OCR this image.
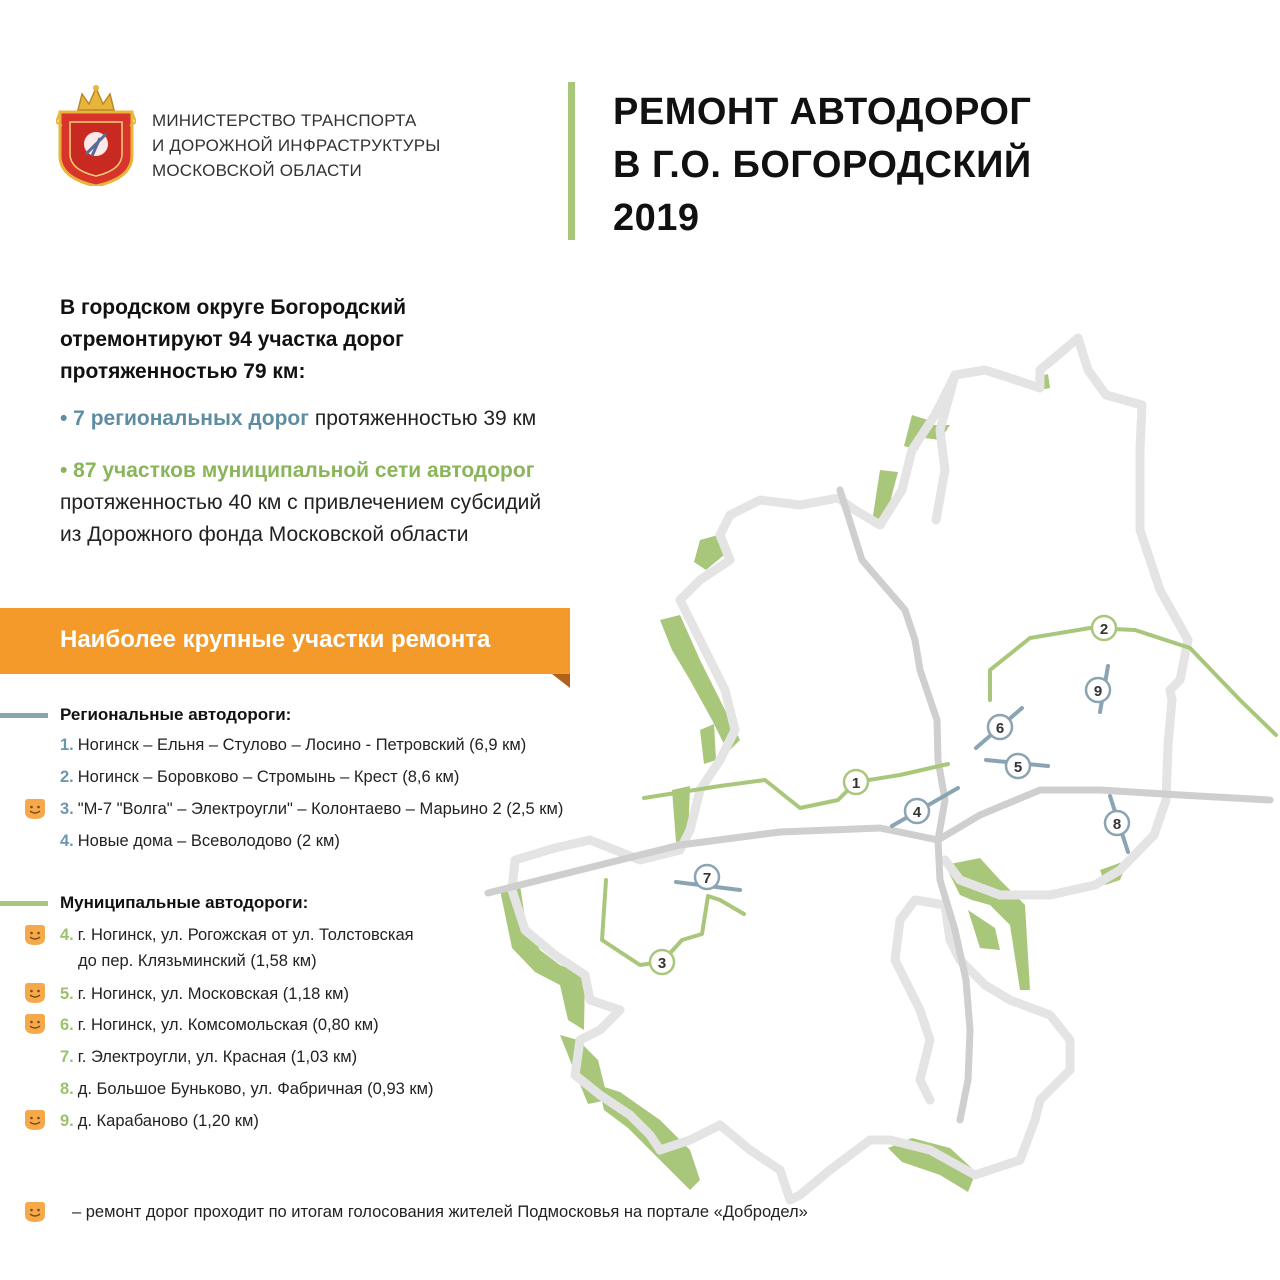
МИНИСТЕРСТВО ТРАНСПОРТА
И ДОРОЖНОЙ ИНФРАСТРУКТУРЫ
МОСКОВСКОЙ ОБЛАСТИ
РЕМОНТ АВТОДОРОГ
В Г.О. БОГОРОДСКИЙ
2019
В городском округе Богородский
отремонтируют 94 участка дорог
протяженностью 79 км:
• 7 региональных дорог протяженностью 39 км
• 87 участков муниципальной сети автодорог
протяженностью 40 км с привлечением субсидий
из Дорожного фонда Московской области
Наиболее крупные участки ремонта
Региональные автодороги:
1. Ногинск – Ельня – Стулово – Лосино - Петровский (6,9 км)
2. Ногинск – Боровково – Стромынь – Крест (8,6 км)
3. "М-7 "Волга" – Электроугли" – Колонтаево – Марьино 2 (2,5 км)
4. Новые дома – Всеволодово (2 км)
Муниципальные автодороги:
4. г. Ногинск, ул. Рогожская от ул. Толстовская
до пер. Клязьминский (1,58 км)
5. г. Ногинск, ул. Московская (1,18 км)
6. г. Ногинск, ул. Комсомольская (0,80 км)
7. г. Электроугли, ул. Красная (1,03 км)
8. д. Большое Буньково, ул. Фабричная (0,93 км)
9. д. Карабаново (1,20 км)
– ремонт дорог проходит по итогам голосования жителей Подмосковья на портале «Добродел»
1
2
3
4
6
5
9
8
7
